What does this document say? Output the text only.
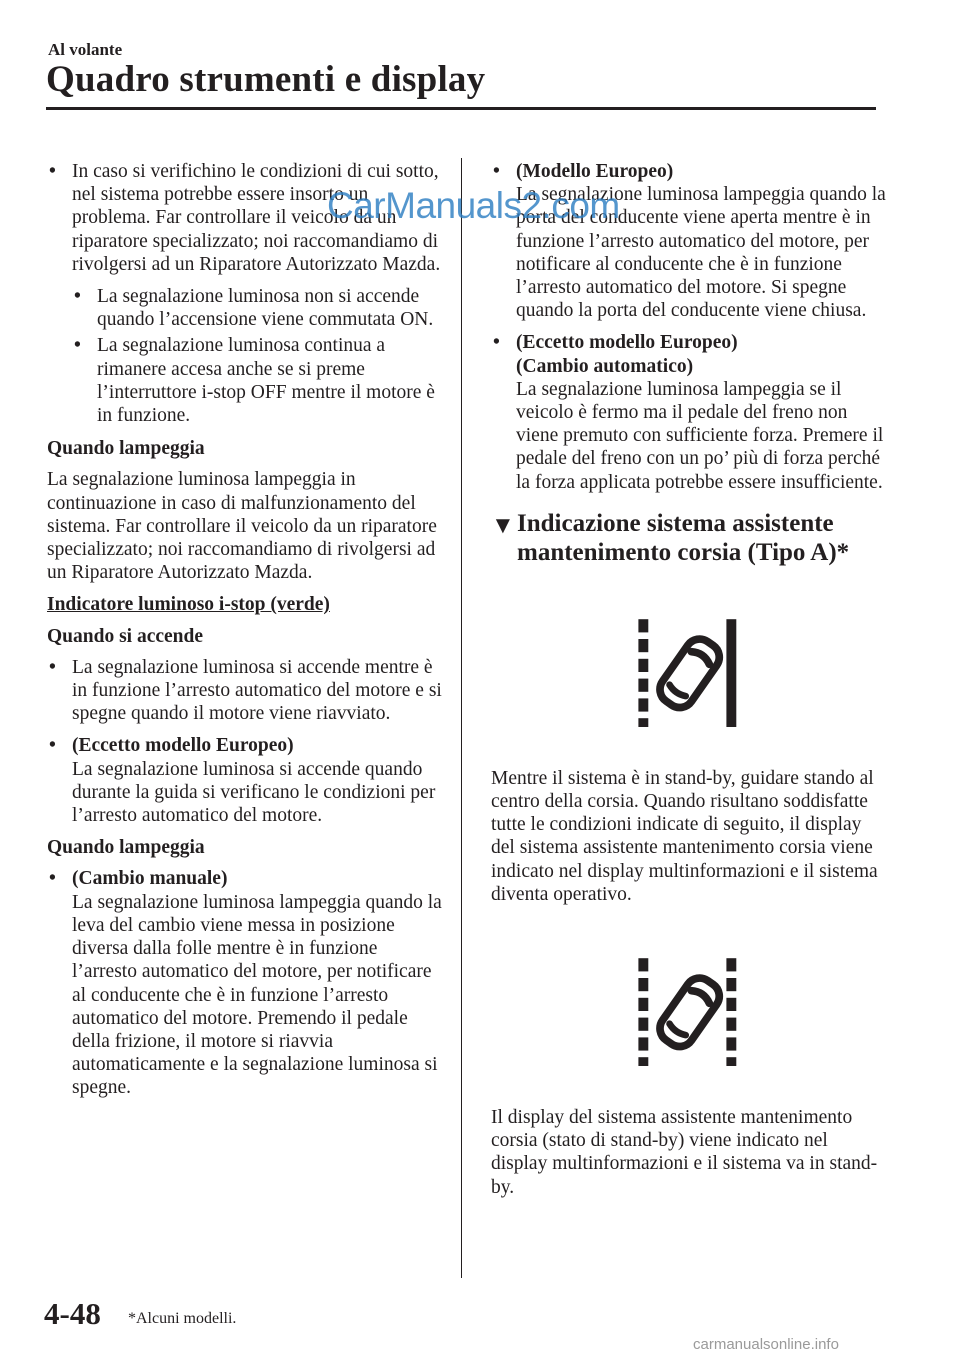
Al volante
Quadro strumenti e display
• In caso si verifichino le condizioni di cui sotto, nel sistema potrebbe essere insorto un problema. Far controllare il veicolo da un riparatore specializzato; noi raccomandiamo di rivolgersi ad un Riparatore Autorizzato Mazda.
• La segnalazione luminosa non si accende quando l’accensione viene commutata ON.
• La segnalazione luminosa continua a rimanere accesa anche se si preme l’interruttore i-stop OFF mentre il motore è in funzione.
Quando lampeggia

La segnalazione luminosa lampeggia in continuazione in caso di malfunzionamento del sistema. Far controllare il veicolo da un riparatore specializzato; noi raccomandiamo di rivolgersi ad un Riparatore Autorizzato Mazda.

Indicatore luminoso i-stop (verde)
Quando si accende
• La segnalazione luminosa si accende mentre è in funzione l’arresto automatico del motore e si spegne quando il motore viene riavviato.
• (Eccetto modello Europeo)
La segnalazione luminosa si accende quando durante la guida si verificano le condizioni per l’arresto automatico del motore.
Quando lampeggia
• (Cambio manuale)
La segnalazione luminosa lampeggia quando la leva del cambio viene messa in posizione diversa dalla folle mentre è in funzione l’arresto automatico del motore, per notificare al conducente che è in funzione l’arresto automatico del motore. Premendo il pedale della frizione, il motore si riavvia automaticamente e la segnalazione luminosa si spegne.
• (Modello Europeo)
La segnalazione luminosa lampeggia quando la porta del conducente viene aperta mentre è in funzione l’arresto automatico del motore, per notificare al conducente che è in funzione l’arresto automatico del motore. Si spegne quando la porta del conducente viene chiusa.
• (Eccetto modello Europeo)
(Cambio automatico)
La segnalazione luminosa lampeggia se il veicolo è fermo ma il pedale del freno non viene premuto con sufficiente forza. Premere il pedale del freno con un po’ più di forza perché la forza applicata potrebbe essere insufficiente.
▼ Indicazione sistema assistente mantenimento corsia (Tipo A)*

Mentre il sistema è in stand-by, guidare stando al centro della corsia. Quando risultano soddisfatte tutte le condizioni indicate di seguito, il display del sistema assistente mantenimento corsia viene indicato nel display multinformazioni e il sistema diventa operativo.

Il display del sistema assistente mantenimento corsia (stato di stand-by) viene indicato nel display multinformazioni e il sistema va in stand-by.

CarManuals2.com
4-48 *Alcuni modelli.
carmanualsonline.info
